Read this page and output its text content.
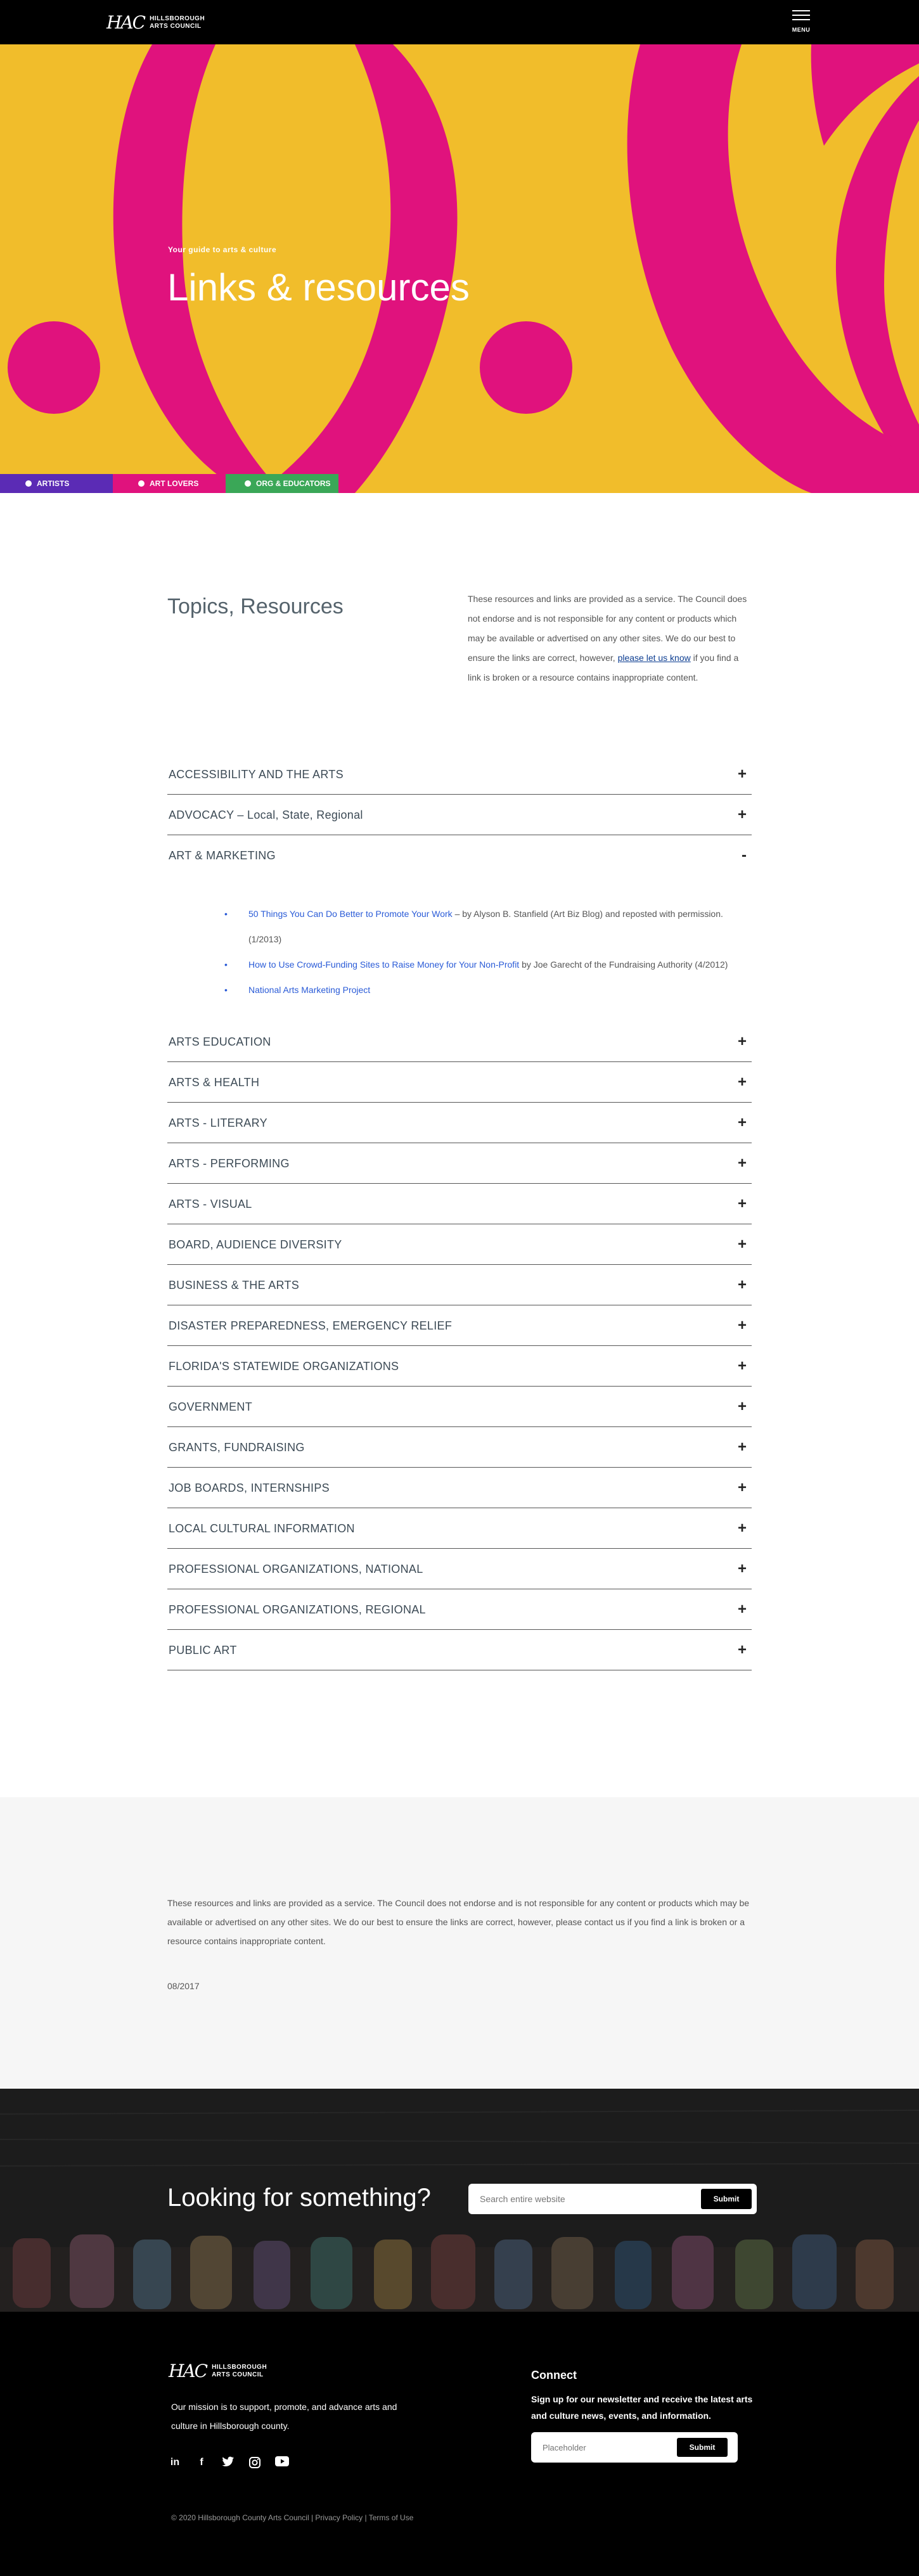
HAC HILLSBOROUGH
ARTS COUNCIL	MENU
Your guide to arts & culture
Links & resources
ARTISTS	ART LOVERS	ORG & EDUCATORS
Topics, Resources	These resources and links are provided as a service. The Council does not endorse and is not responsible for any content or products which may be available or advertised on any other sites. We do our best to ensure the links are correct, however, please let us know if you find a link is broken or a resource contains inappropriate content.

ACCESSIBILITY AND THE ARTS	+
ADVOCACY – Local, State, Regional	+
ART & MARKETING	-
• 50 Things You Can Do Better to Promote Your Work – by Alyson B. Stanfield (Art Biz Blog) and reposted with permission. (1/2013)
• How to Use Crowd-Funding Sites to Raise Money for Your Non-Profit by Joe Garecht of the Fundraising Authority (4/2012)
• National Arts Marketing Project
ARTS EDUCATION	+
ARTS & HEALTH	+
ARTS - LITERARY	+
ARTS - PERFORMING	+
ARTS - VISUAL	+
BOARD, AUDIENCE DIVERSITY	+
BUSINESS & THE ARTS	+
DISASTER PREPAREDNESS, EMERGENCY RELIEF	+
FLORIDA'S STATEWIDE ORGANIZATIONS	+
GOVERNMENT	+
GRANTS, FUNDRAISING	+
JOB BOARDS, INTERNSHIPS	+
LOCAL CULTURAL INFORMATION	+
PROFESSIONAL ORGANIZATIONS, NATIONAL	+
PROFESSIONAL ORGANIZATIONS, REGIONAL	+
PUBLIC ART	+

These resources and links are provided as a service. The Council does not endorse and is not responsible for any content or products which may be available or advertised on any other sites. We do our best to ensure the links are correct, however, please contact us if you find a link is broken or a resource contains inappropriate content.

08/2017

Looking for something?
Search entire website	Submit
HAC HILLSBOROUGH
ARTS COUNCIL

Our mission is to support, promote, and advance arts and culture in Hillsborough county.

in	f

© 2020 Hillsborough County Arts Council | Privacy Policy | Terms of Use

Connect

Sign up for our newsletter and receive the latest arts and culture news, events, and information.

Placeholder
Submit
